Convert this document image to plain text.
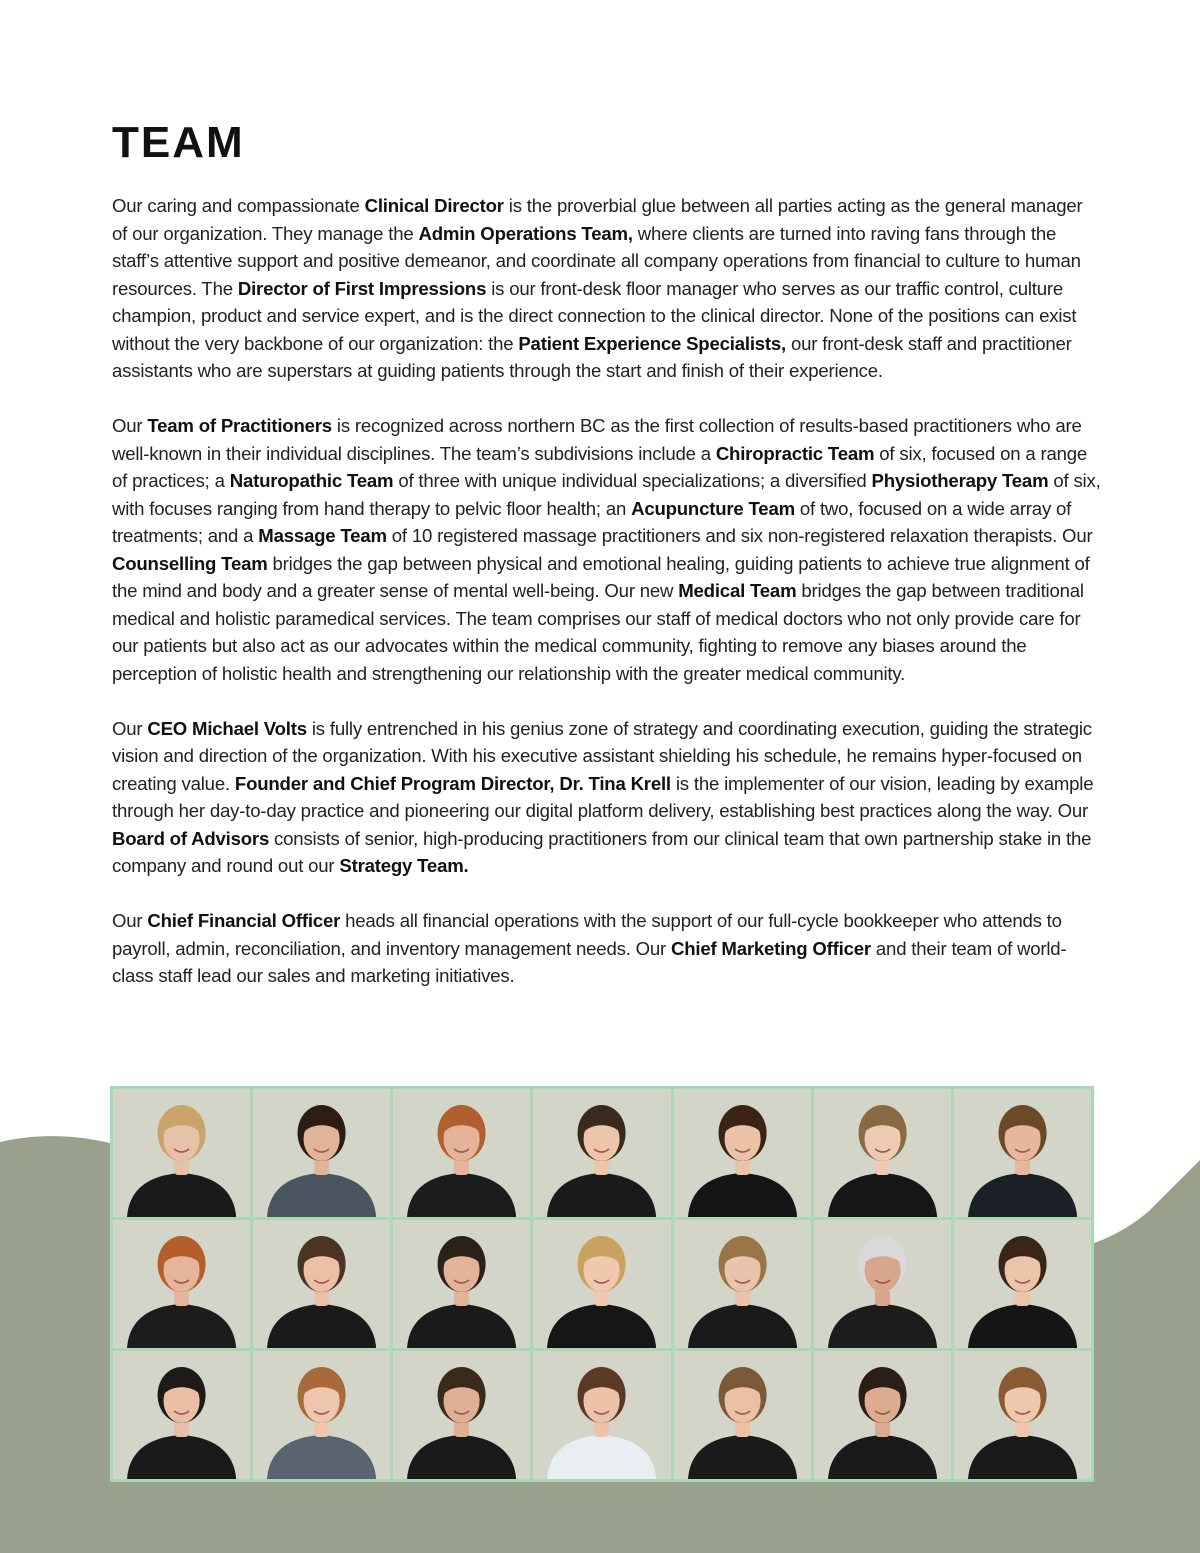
TEAM

Our caring and compassionate Clinical Director is the proverbial glue between all parties acting as the general manager of our organization. They manage the Admin Operations Team, where clients are turned into raving fans through the staff’s attentive support and positive demeanor, and coordinate all company operations from financial to culture to human resources. The Director of First Impressions is our front-desk floor manager who serves as our traffic control, culture champion, product and service expert, and is the direct connection to the clinical director. None of the positions can exist without the very backbone of our organization: the Patient Experience Specialists, our front-desk staff and practitioner assistants who are superstars at guiding patients through the start and finish of their experience.

Our Team of Practitioners is recognized across northern BC as the first collection of results-based practitioners who are well-known in their individual disciplines. The team’s subdivisions include a Chiropractic Team of six, focused on a range of practices; a Naturopathic Team of three with unique individual specializations; a diversified Physiotherapy Team of six, with focuses ranging from hand therapy to pelvic floor health; an Acupuncture Team of two, focused on a wide array of treatments; and a Massage Team of 10 registered massage practitioners and six non-registered relaxation therapists. Our Counselling Team bridges the gap between physical and emotional healing, guiding patients to achieve true alignment of the mind and body and a greater sense of mental well-being. Our new Medical Team bridges the gap between traditional medical and holistic paramedical services. The team comprises our staff of medical doctors who not only provide care for our patients but also act as our advocates within the medical community, fighting to remove any biases around the perception of holistic health and strengthening our relationship with the greater medical community.

Our CEO Michael Volts is fully entrenched in his genius zone of strategy and coordinating execution, guiding the strategic vision and direction of the organization. With his executive assistant shielding his schedule, he remains hyper-focused on creating value. Founder and Chief Program Director, Dr. Tina Krell is the implementer of our vision, leading by example through her day-to-day practice and pioneering our digital platform delivery, establishing best practices along the way. Our Board of Advisors consists of senior, high-producing practitioners from our clinical team that own partnership stake in the company and round out our Strategy Team.

Our Chief Financial Officer heads all financial operations with the support of our full-cycle bookkeeper who attends to payroll, admin, reconciliation, and inventory management needs. Our Chief Marketing Officer and their team of world-class staff lead our sales and marketing initiatives.
